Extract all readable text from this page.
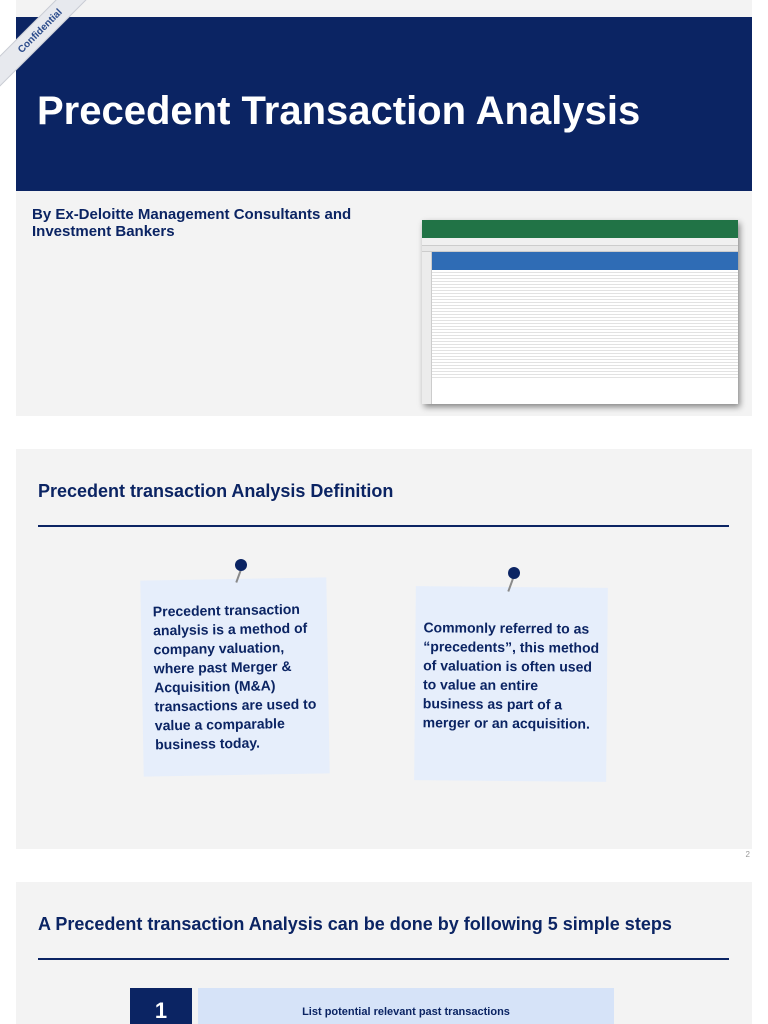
Precedent Transaction Analysis
By Ex-Deloitte Management Consultants and Investment Bankers
Confidential
Precedent transaction Analysis Definition
Precedent transaction analysis is a method of company valuation, where past Merger & Acquisition (M&A) transactions are used to value a comparable business today.
Commonly referred to as “precedents”, this method of valuation is often used to value an entire business as part of a merger or an acquisition.
2
A Precedent transaction Analysis can be done by following 5 simple steps
1	List potential relevant past transactions
